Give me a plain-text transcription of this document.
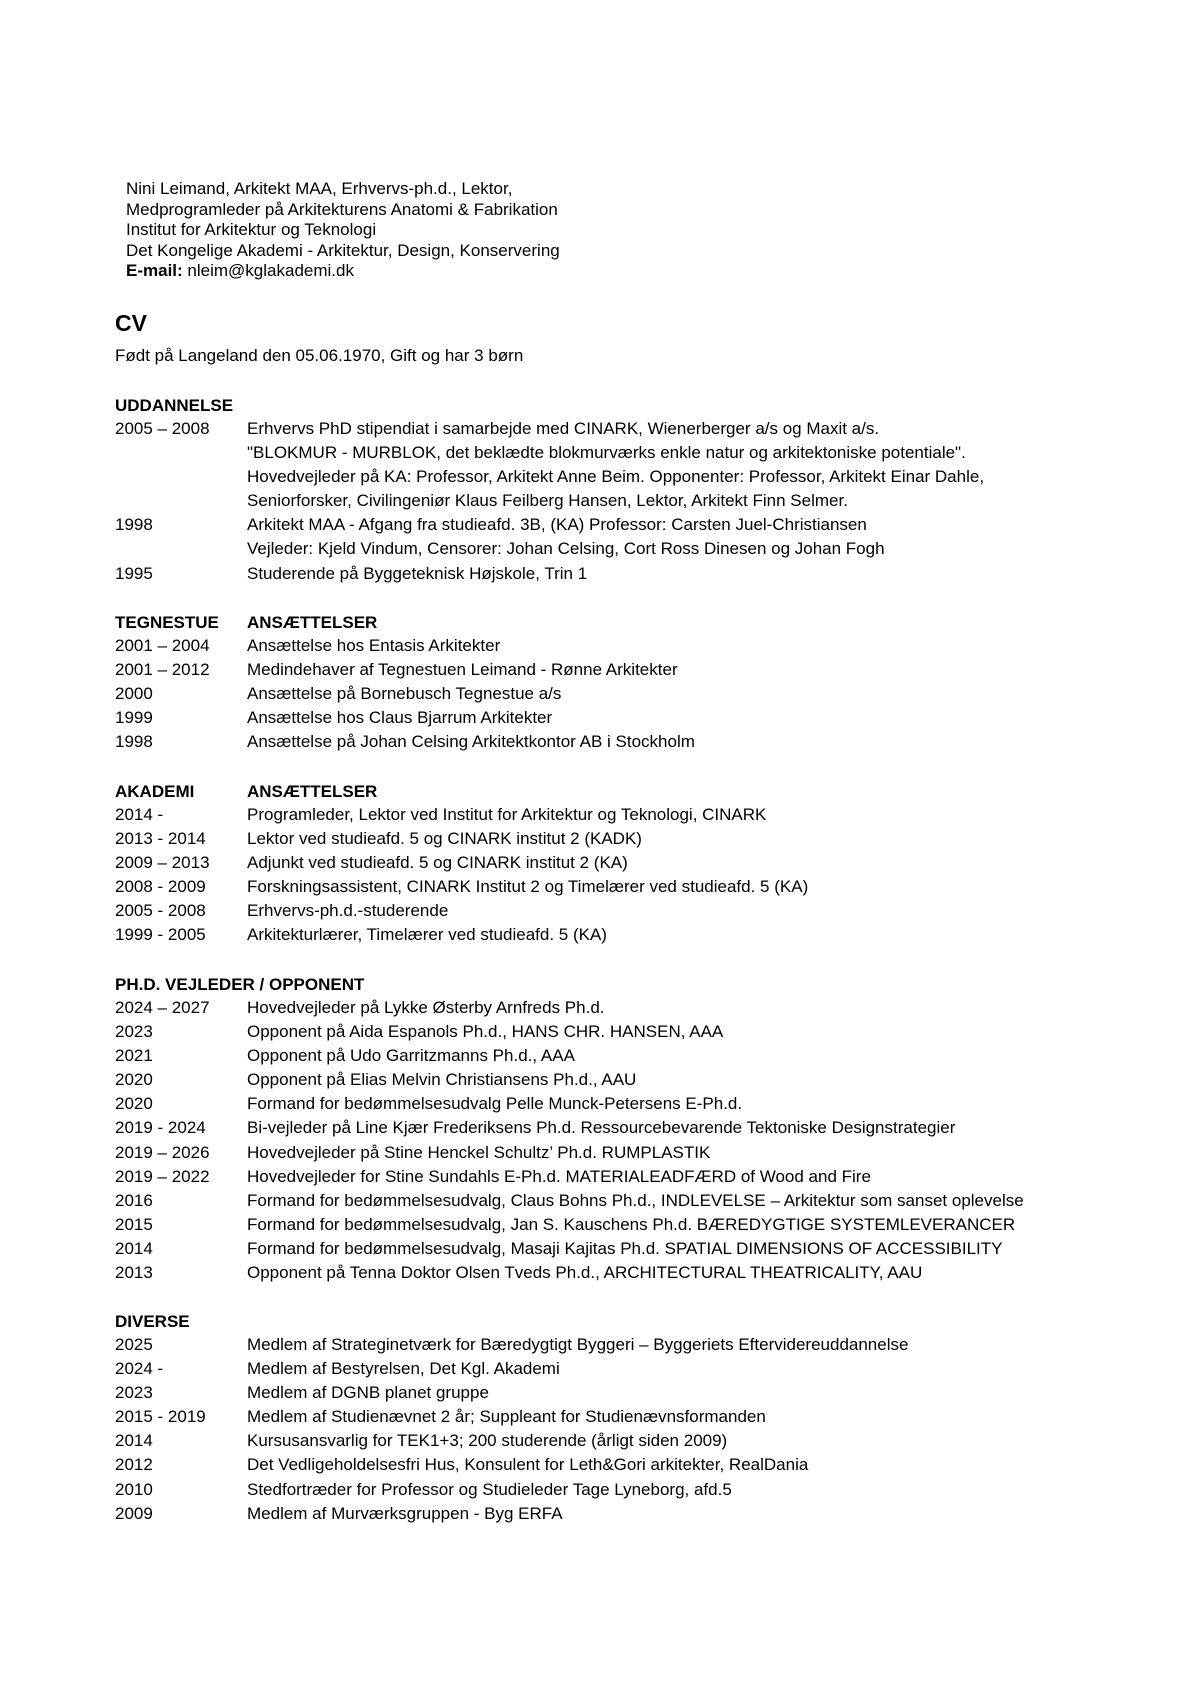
Nini Leimand, Arkitekt MAA, Erhvervs-ph.d., Lektor,
Medprogramleder på Arkitekturens Anatomi & Fabrikation
Institut for Arkitektur og Teknologi
Det Kongelige Akademi - Arkitektur, Design, Konservering
E-mail: nleim@kglakademi.dk
CV
Født på Langeland den 05.06.1970, Gift og har 3 børn
UDDANNELSE
2005 – 2008	Erhvervs PhD stipendiat i samarbejde med CINARK, Wienerberger a/s og Maxit a/s.
"BLOKMUR - MURBLOK, det beklædte blokmurværks enkle natur og arkitektoniske potentiale".
Hovedvejleder på KA: Professor, Arkitekt Anne Beim. Opponenter: Professor, Arkitekt Einar Dahle,
Seniorforsker, Civilingeniør Klaus Feilberg Hansen, Lektor, Arkitekt Finn Selmer.
1998	Arkitekt MAA - Afgang fra studieafd. 3B, (KA) Professor: Carsten Juel-Christiansen
Vejleder: Kjeld Vindum, Censorer: Johan Celsing, Cort Ross Dinesen og Johan Fogh
1995	Studerende på Byggeteknisk Højskole, Trin 1
TEGNESTUE ANSÆTTELSER
2001 – 2004	Ansættelse hos Entasis Arkitekter
2001 – 2012	Medindehaver af Tegnestuen Leimand - Rønne Arkitekter
2000	Ansættelse på Bornebusch Tegnestue a/s
1999	Ansættelse hos Claus Bjarrum Arkitekter
1998	Ansættelse på Johan Celsing Arkitektkontor AB i Stockholm
AKADEMI	ANSÆTTELSER
2014 -	Programleder, Lektor ved Institut for Arkitektur og Teknologi, CINARK
2013 - 2014	Lektor ved studieafd. 5 og CINARK institut 2 (KADK)
2009 – 2013	Adjunkt ved studieafd. 5 og CINARK institut 2 (KA)
2008 - 2009	Forskningsassistent, CINARK Institut 2 og Timelærer ved studieafd. 5 (KA)
2005 - 2008	Erhvervs-ph.d.-studerende
1999 - 2005	Arkitekturlærer, Timelærer ved studieafd. 5 (KA)
PH.D. VEJLEDER / OPPONENT
2024 – 2027	Hovedvejleder på Lykke Østerby Arnfreds Ph.d.
2023	Opponent på Aida Espanols Ph.d., HANS CHR. HANSEN, AAA
2021	Opponent på Udo Garritzmanns Ph.d., AAA
2020	Opponent på Elias Melvin Christiansens Ph.d., AAU
2020	Formand for bedømmelsesudvalg Pelle Munck-Petersens E-Ph.d.
2019 - 2024	Bi-vejleder på Line Kjær Frederiksens Ph.d. Ressourcebevarende Tektoniske Designstrategier
2019 – 2026	Hovedvejleder på Stine Henckel Schultz’ Ph.d. RUMPLASTIK
2019 – 2022	Hovedvejleder for Stine Sundahls E-Ph.d. MATERIALEADFÆRD of Wood and Fire
2016	Formand for bedømmelsesudvalg, Claus Bohns Ph.d., INDLEVELSE – Arkitektur som sanset oplevelse
2015	Formand for bedømmelsesudvalg, Jan S. Kauschens Ph.d. BÆREDYGTIGE SYSTEMLEVERANCER
2014	Formand for bedømmelsesudvalg, Masaji Kajitas Ph.d. SPATIAL DIMENSIONS OF ACCESSIBILITY
2013	Opponent på Tenna Doktor Olsen Tveds Ph.d., ARCHITECTURAL THEATRICALITY, AAU
DIVERSE
2025	Medlem af Strateginetværk for Bæredygtigt Byggeri – Byggeriets Eftervidereuddannelse
2024 -	Medlem af Bestyrelsen, Det Kgl. Akademi
2023	Medlem af DGNB planet gruppe
2015 - 2019	Medlem af Studienævnet 2 år; Suppleant for Studienævnsformanden
2014	Kursusansvarlig for TEK1+3; 200 studerende (årligt siden 2009)
2012	Det Vedligeholdelsesfri Hus, Konsulent for Leth&Gori arkitekter, RealDania
2010	Stedfortræder for Professor og Studieleder Tage Lyneborg, afd.5
2009	Medlem af Murværksgruppen - Byg ERFA
